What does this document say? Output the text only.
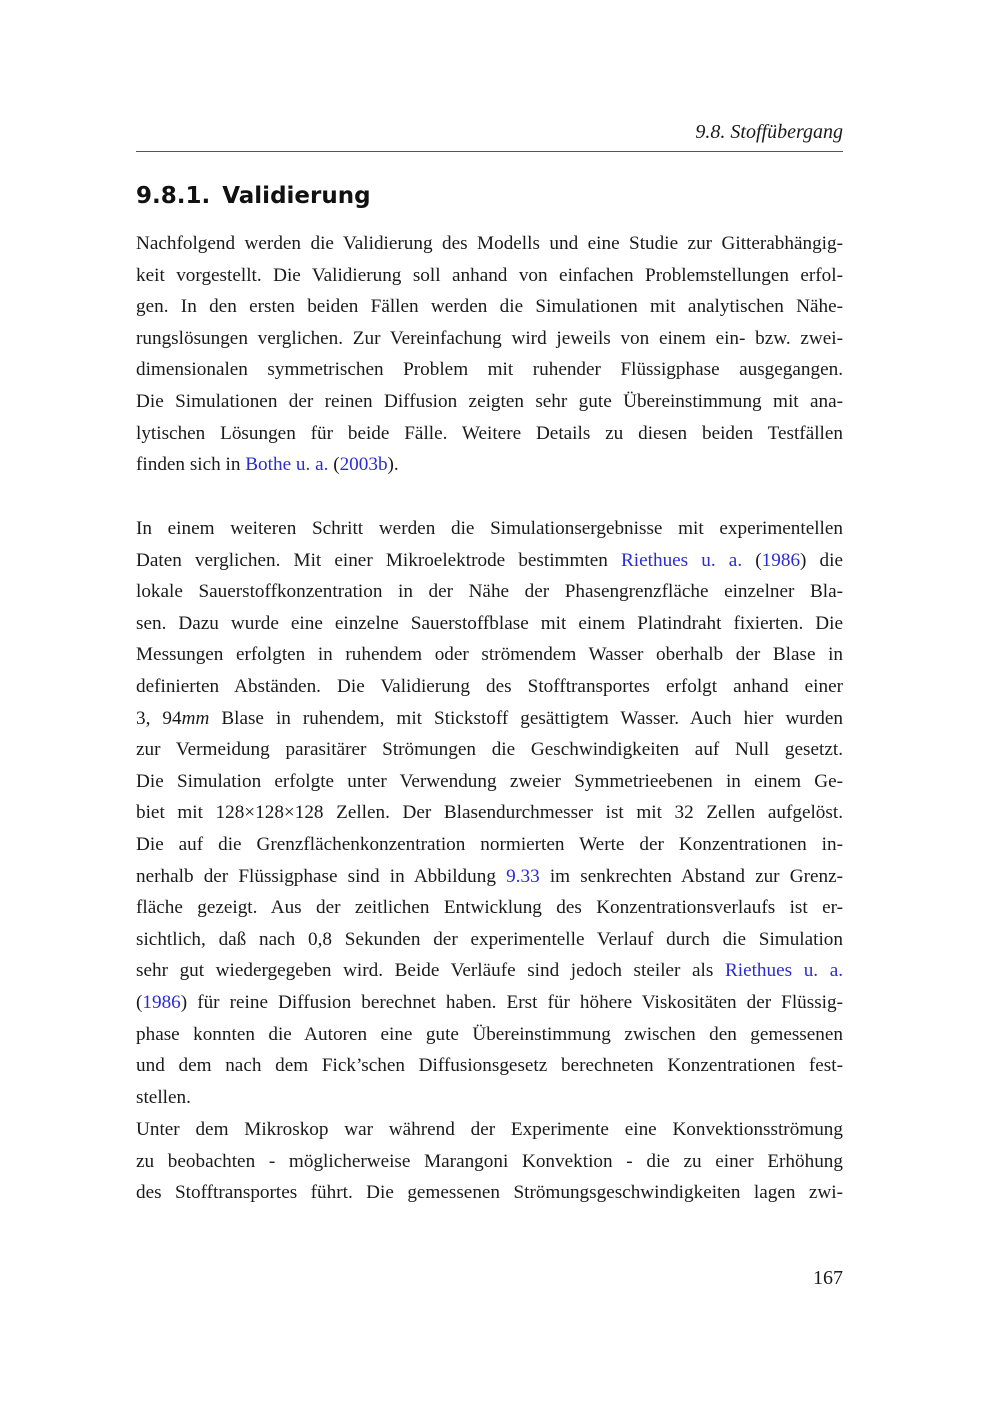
9.8. Stoffübergang
9.8.1. Validierung
Nachfolgend werden die Validierung des Modells und eine Studie zur Gitterabhängig-
keit vorgestellt. Die Validierung soll anhand von einfachen Problemstellungen erfol-
gen. In den ersten beiden Fällen werden die Simulationen mit analytischen Nähe-
rungslösungen verglichen. Zur Vereinfachung wird jeweils von einem ein- bzw. zwei-
dimensionalen symmetrischen Problem mit ruhender Flüssigphase ausgegangen.
Die Simulationen der reinen Diffusion zeigten sehr gute Übereinstimmung mit ana-
lytischen Lösungen für beide Fälle. Weitere Details zu diesen beiden Testfällen
finden sich in Bothe u. a. (2003b).
In einem weiteren Schritt werden die Simulationsergebnisse mit experimentellen
Daten verglichen. Mit einer Mikroelektrode bestimmten Riethues u. a. (1986) die
lokale Sauerstoffkonzentration in der Nähe der Phasengrenzfläche einzelner Bla-
sen. Dazu wurde eine einzelne Sauerstoffblase mit einem Platindraht fixierten. Die
Messungen erfolgten in ruhendem oder strömendem Wasser oberhalb der Blase in
definierten Abständen. Die Validierung des Stofftransportes erfolgt anhand einer
3, 94mm Blase in ruhendem, mit Stickstoff gesättigtem Wasser. Auch hier wurden
zur Vermeidung parasitärer Strömungen die Geschwindigkeiten auf Null gesetzt.
Die Simulation erfolgte unter Verwendung zweier Symmetrieebenen in einem Ge-
biet mit 128×128×128 Zellen. Der Blasendurchmesser ist mit 32 Zellen aufgelöst.
Die auf die Grenzflächenkonzentration normierten Werte der Konzentrationen in-
nerhalb der Flüssigphase sind in Abbildung 9.33 im senkrechten Abstand zur Grenz-
fläche gezeigt. Aus der zeitlichen Entwicklung des Konzentrationsverlaufs ist er-
sichtlich, daß nach 0,8 Sekunden der experimentelle Verlauf durch die Simulation
sehr gut wiedergegeben wird. Beide Verläufe sind jedoch steiler als Riethues u. a.
(1986) für reine Diffusion berechnet haben. Erst für höhere Viskositäten der Flüssig-
phase konnten die Autoren eine gute Übereinstimmung zwischen den gemessenen
und dem nach dem Fick’schen Diffusionsgesetz berechneten Konzentrationen fest-
stellen.
Unter dem Mikroskop war während der Experimente eine Konvektionsströmung
zu beobachten - möglicherweise Marangoni Konvektion - die zu einer Erhöhung
des Stofftransportes führt. Die gemessenen Strömungsgeschwindigkeiten lagen zwi-
167
